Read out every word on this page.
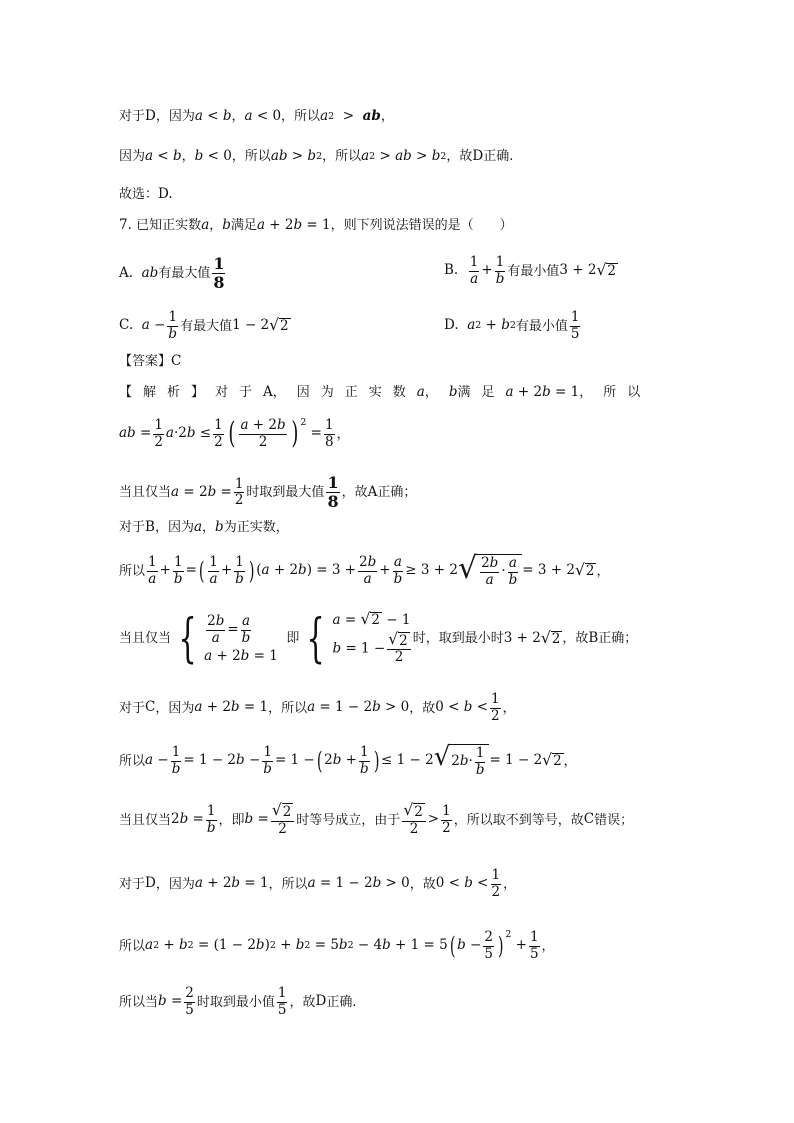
对于 D ，因为 a < b ， a < 0 ，所以 a 2 > ab ，
因为 a < b ， b < 0 ，所以 ab > b 2 ，所以 a 2 > ab > b 2 ，故 D 正确.
故选： D.
7. 已知正实数 a ， b 满足 a + 2 b = 1 ，则下列说法错误的是（　　）
A. ab 有最大值 $\frac{1}{8}$	B. $\frac{1}{a} + \frac{1}{b}$ 有最小值 3 + 2 √ 2
C. $a - \frac{1}{b}$ 有最大值 1 − 2 √ 2	D. a 2 + b 2 有最小值 $\frac{1}{5}$
【答案】 C
【解析】对于 A ，因为正实数 a ， b 满足 a + 2 b = 1 ，所以
ab = $\frac{1}{2}$ a ·2 $b \le \frac{1}{2}$ ( $\frac{a + 2b}{2} )^2$
= $\frac{1}{8}$ ，
当且仅当 a = 2 $b = \frac{1}{2}$ 时取到最大值 $\frac{1}{8}$ ，故 A 正确；
对于 B ，因为 a ， b 为正实数，
所以 $\frac{1}{a} + \frac{1}{b}$ = ( $\frac{1}{a} + \frac{1}{b}$ ) ( a + 2 b ) = $3 + \frac{2b}{a} + \frac{a}{b} \ge 3 + 2$ √ $\frac{2b}{a} \cdot \frac{a}{b} = 3 + 2$ √ 2 ，
当且仅当 { $\frac{2b}{a} = \frac{a}{b}$
a + 2b = 1

即 { a = √ 2 − 1
$b = 1 - \frac{√ 2}{2}$ 时，取到最小时 3 + 2 √ 2 ，故 B 正确；
对于 C ，因为 a + 2 b = 1 ，所以 a = 1 − 2 b > 0 ，故 $0 < b < \frac{1}{2}$ ，
所以 $a - \frac{1}{b} = 1 - 2$ $b - \frac{1}{b} = 1$ − ( 2 $b + \frac{1}{b}$ ) ≤ 1 − 2 √ 2 $b \cdot \frac{1}{b} = 1 - 2$ √ 2 ，
当且仅当 2 $b = \frac{1}{b}$ ，即 $b = \frac{√ 2}{2}$ 时等号成立，由于 $\frac{√ 2}{2} > \frac{1}{2}$ ，所以取不到等号，故 C 错误；
对于 D ，因为 a + 2 b = 1 ，所以 a = 1 − 2 b > 0 ，故 $0 < b < \frac{1}{2}$ ，
所以 a 2 + b 2 = (1 − 2 b ) 2 + b 2 = 5 b 2 − 4 b + 1 = 5 ( $b - \frac{2}{5} )^2$
+ $\frac{1}{5}$ ，
所以当 $b = \frac{2}{5}$ 时取到最小值 $\frac{1}{5}$ ，故 D 正确.
